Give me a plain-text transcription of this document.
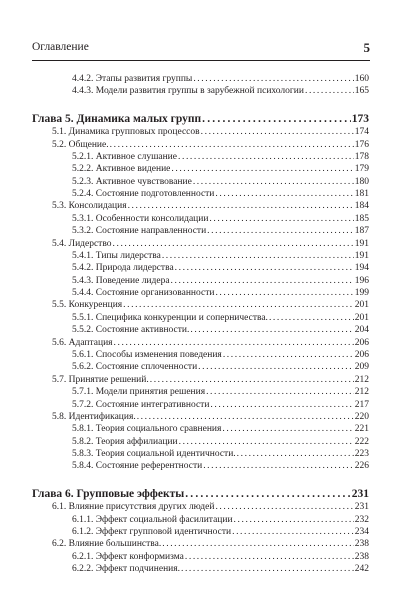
Оглавление	5
4.4.2. Этапы развития группы .....	160
4.4.3. Модели развития группы в зарубежной психологии .....	165
Глава 5. Динамика малых групп .....	173
5.1. Динамика групповых процессов .....	174
5.2. Общение. .....	176
5.2.1. Активное слушание .....	178
5.2.2. Активное видение .....	179
5.2.3. Активное чувствование .....	180
5.2.4. Состояние подготовленности .....	181
5.3. Консолидация .....	184
5.3.1. Особенности консолидации .....	185
5.3.2. Состояние направленности .....	187
5.4. Лидерство .....	191
5.4.1. Типы лидерства .....	191
5.4.2. Природа лидерства .....	194
5.4.3. Поведение лидера .....	196
5.4.4. Состояние организованности .....	199
5.5. Конкуренция .....	201
5.5.1. Специфика конкуренции и соперничества. .....	201
5.5.2. Состояние активности. .....	204
5.6. Адаптация .....	206
5.6.1. Способы изменения поведения .....	206
5.6.2. Состояние сплоченности .....	209
5.7. Принятие решений. .....	212
5.7.1. Модели принятия решения .....	212
5.7.2. Состояние интегративности .....	217
5.8. Идентификация. .....	220
5.8.1. Теория социального сравнения .....	221
5.8.2. Теория аффилиации .....	222
5.8.3. Теория социальной идентичности. .....	223
5.8.4. Состояние референтности .....	226
Глава 6. Групповые эффекты .....	231
6.1. Влияние присутствия других людей .....	231
6.1.1. Эффект социальной фасилитации .....	232
6.1.2. Эффект групповой идентичности .....	234
6.2. Влияние большинства. .....	238
6.2.1. Эффект конформизма .....	238
6.2.2. Эффект подчинения. .....	242
